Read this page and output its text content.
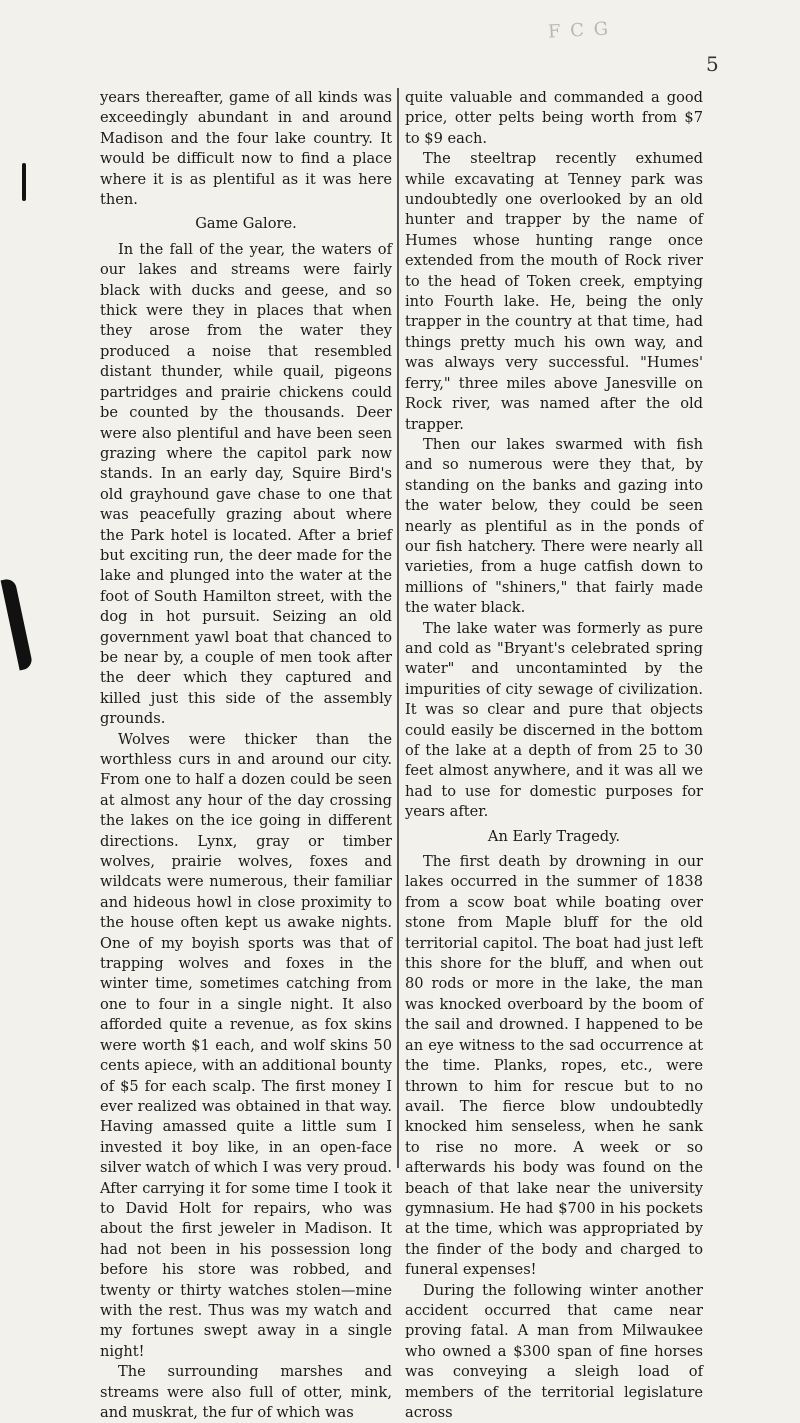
F C G
5

years thereafter, game of all kinds was exceedingly abundant in and around Madison and the four lake country. It would be difficult now to find a place where it is as plentiful as it was here then.

Game Galore.

In the fall of the year, the waters of our lakes and streams were fairly black with ducks and geese, and so thick were they in places that when they arose from the water they produced a noise that resembled distant thunder, while quail, pigeons partridges and prairie chickens could be counted by the thousands. Deer were also plentiful and have been seen grazing where the capitol park now stands. In an early day, Squire Bird's old grayhound gave chase to one that was peacefully grazing about where the Park hotel is located. After a brief but exciting run, the deer made for the lake and plunged into the water at the foot of South Hamilton street, with the dog in hot pursuit. Seizing an old government yawl boat that chanced to be near by, a couple of men took after the deer which they captured and killed just this side of the assembly grounds.

Wolves were thicker than the worthless curs in and around our city. From one to half a dozen could be seen at almost any hour of the day crossing the lakes on the ice going in different directions. Lynx, gray or timber wolves, prairie wolves, foxes and wildcats were numerous, their familiar and hideous howl in close proximity to the house often kept us awake nights. One of my boyish sports was that of trapping wolves and foxes in the winter time, sometimes catching from one to four in a single night. It also afforded quite a revenue, as fox skins were worth $1 each, and wolf skins 50 cents apiece, with an additional bounty of $5 for each scalp. The first money I ever realized was obtained in that way. Having amassed quite a little sum I invested it boy like, in an open-face silver watch of which I was very proud. After carrying it for some time I took it to David Holt for repairs, who was about the first jeweler in Madison. It had not been in his possession long before his store was robbed, and twenty or thirty watches stolen—mine with the rest. Thus was my watch and my fortunes swept away in a single night!

The surrounding marshes and streams were also full of otter, mink, and muskrat, the fur of which was

quite valuable and commanded a good price, otter pelts being worth from $7 to $9 each.

The steeltrap recently exhumed while excavating at Tenney park was undoubtedly one overlooked by an old hunter and trapper by the name of Humes whose hunting range once extended from the mouth of Rock river to the head of Token creek, emptying into Fourth lake. He, being the only trapper in the country at that time, had things pretty much his own way, and was always very successful. "Humes' ferry," three miles above Janesville on Rock river, was named after the old trapper.

Then our lakes swarmed with fish and so numerous were they that, by standing on the banks and gazing into the water below, they could be seen nearly as plentiful as in the ponds of our fish hatchery. There were nearly all varieties, from a huge catfish down to millions of "shiners," that fairly made the water black.

The lake water was formerly as pure and cold as "Bryant's celebrated spring water" and uncontaminted by the impurities of city sewage of civilization. It was so clear and pure that objects could easily be discerned in the bottom of the lake at a depth of from 25 to 30 feet almost anywhere, and it was all we had to use for domestic purposes for years after.

An Early Tragedy.

The first death by drowning in our lakes occurred in the summer of 1838 from a scow boat while boating over stone from Maple bluff for the old territorial capitol. The boat had just left this shore for the bluff, and when out 80 rods or more in the lake, the man was knocked overboard by the boom of the sail and drowned. I happened to be an eye witness to the sad occurrence at the time. Planks, ropes, etc., were thrown to him for rescue but to no avail. The fierce blow undoubtedly knocked him senseless, when he sank to rise no more. A week or so afterwards his body was found on the beach of that lake near the university gymnasium. He had $700 in his pockets at the time, which was appropriated by the finder of the body and charged to funeral expenses!

During the following winter another accident occurred that came near proving fatal. A man from Milwaukee who owned a $300 span of fine horses was conveying a sleigh load of members of the territorial legislature across
